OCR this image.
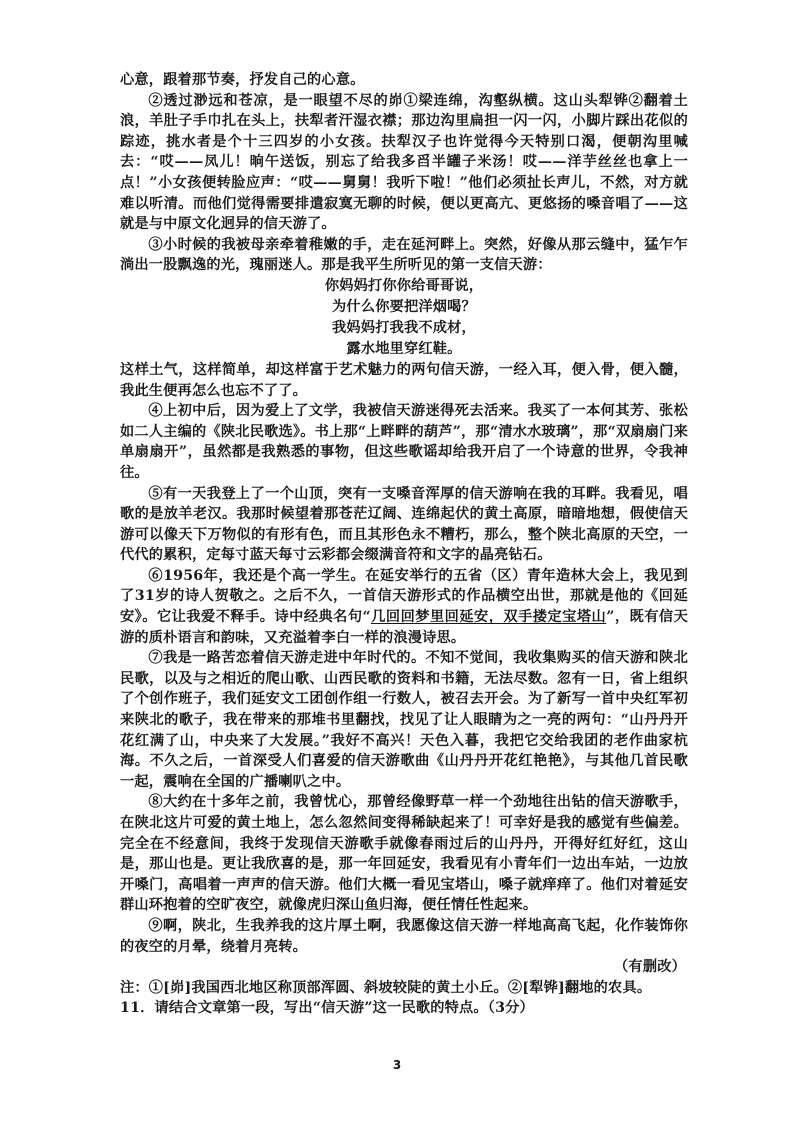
心意，跟着那节奏，抒发自己的心意。

②透过渺远和苍凉，是一眼望不尽的峁①梁连绵，沟壑纵横。这山头犁铧②翻着土浪，羊肚子手巾扎在头上，扶犁者汗湿衣襟；那边沟里扁担一闪一闪，小脚片踩出花似的踪迹，挑水者是个十三四岁的小女孩。扶犁汉子也许觉得今天特别口渴，便朝沟里喊去：“哎——凤儿！晌午送饭，别忘了给我多舀半罐子米汤！哎——洋芋丝丝也拿上一点！”小女孩便转脸应声：“哎——舅舅！我听下啦！”他们必须扯长声儿，不然，对方就难以听清。而他们觉得需要排遣寂寞无聊的时候，便以更高亢、更悠扬的嗓音唱了——这就是与中原文化迥异的信天游了。

③小时候的我被母亲牵着稚嫩的手，走在延河畔上。突然，好像从那云缝中，猛乍乍淌出一股飘逸的光，瑰丽迷人。那是我平生所听见的第一支信天游：

你妈妈打你你给哥哥说，
为什么你要把洋烟喝？
我妈妈打我我不成材，
露水地里穿红鞋。

这样土气，这样简单，却这样富于艺术魅力的两句信天游，一经入耳，便入骨，便入髓，我此生便再怎么也忘不了了。

④上初中后，因为爱上了文学，我被信天游迷得死去活来。我买了一本何其芳、张松如二人主编的《陕北民歌选》。书上那“上畔畔的葫芦”，那“清水水玻璃”，那“双扇扇门来单扇扇开”，虽然都是我熟悉的事物，但这些歌谣却给我开启了一个诗意的世界，令我神往。

⑤有一天我登上了一个山顶，突有一支嗓音浑厚的信天游响在我的耳畔。我看见，唱歌的是放羊老汉。我那时候望着那苍茫辽阔、连绵起伏的黄土高原，暗暗地想，假使信天游可以像天下万物似的有形有色，而且其形色永不糟朽，那么，整个陕北高原的天空，一代代的累积，定每寸蓝天每寸云彩都会缀满音符和文字的晶亮钻石。

⑥1956年，我还是个高一学生。在延安举行的五省（区）青年造林大会上，我见到了31岁的诗人贺敬之。之后不久，一首信天游形式的作品横空出世，那就是他的《回延安》。它让我爱不释手。诗中经典名句“几回回梦里回延安，双手搂定宝塔山”，既有信天游的质朴语言和韵味，又充溢着李白一样的浪漫诗思。

⑦我是一路苦恋着信天游走进中年时代的。不知不觉间，我收集购买的信天游和陕北民歌，以及与之相近的爬山歌、山西民歌的资料和书籍，无法尽数。忽有一日，省上组织了个创作班子，我们延安文工团创作组一行数人，被召去开会。为了新写一首中央红军初来陕北的歌子，我在带来的那堆书里翻找，找见了让人眼睛为之一亮的两句：“山丹丹开花红满了山，中央来了大发展。”我好不高兴！天色入暮，我把它交给我团的老作曲家杭海。不久之后，一首深受人们喜爱的信天游歌曲《山丹丹开花红艳艳》，与其他几首民歌一起，震响在全国的广播喇叭之中。

⑧大约在十多年之前，我曾忧心，那曾经像野草一样一个劲地往出钻的信天游歌手，在陕北这片可爱的黄土地上，怎么忽然间变得稀缺起来了！可幸好是我的感觉有些偏差。完全在不经意间，我终于发现信天游歌手就像春雨过后的山丹丹，开得好红好红，这山是，那山也是。更让我欣喜的是，那一年回延安，我看见有小青年们一边出车站，一边放开嗓门，高唱着一声声的信天游。他们大概一看见宝塔山，嗓子就痒痒了。他们对着延安群山环抱着的空旷夜空，就像虎归深山鱼归海，便任情任性起来。

⑨啊，陕北，生我养我的这片厚土啊，我愿像这信天游一样地高高飞起，化作装饰你的夜空的月晕，绕着月亮转。

（有删改）

注：①[峁]我国西北地区称顶部浑圆、斜坡较陡的黄土小丘。②[犁铧]翻地的农具。

11．请结合文章第一段，写出“信天游”这一民歌的特点。（3分）

3
